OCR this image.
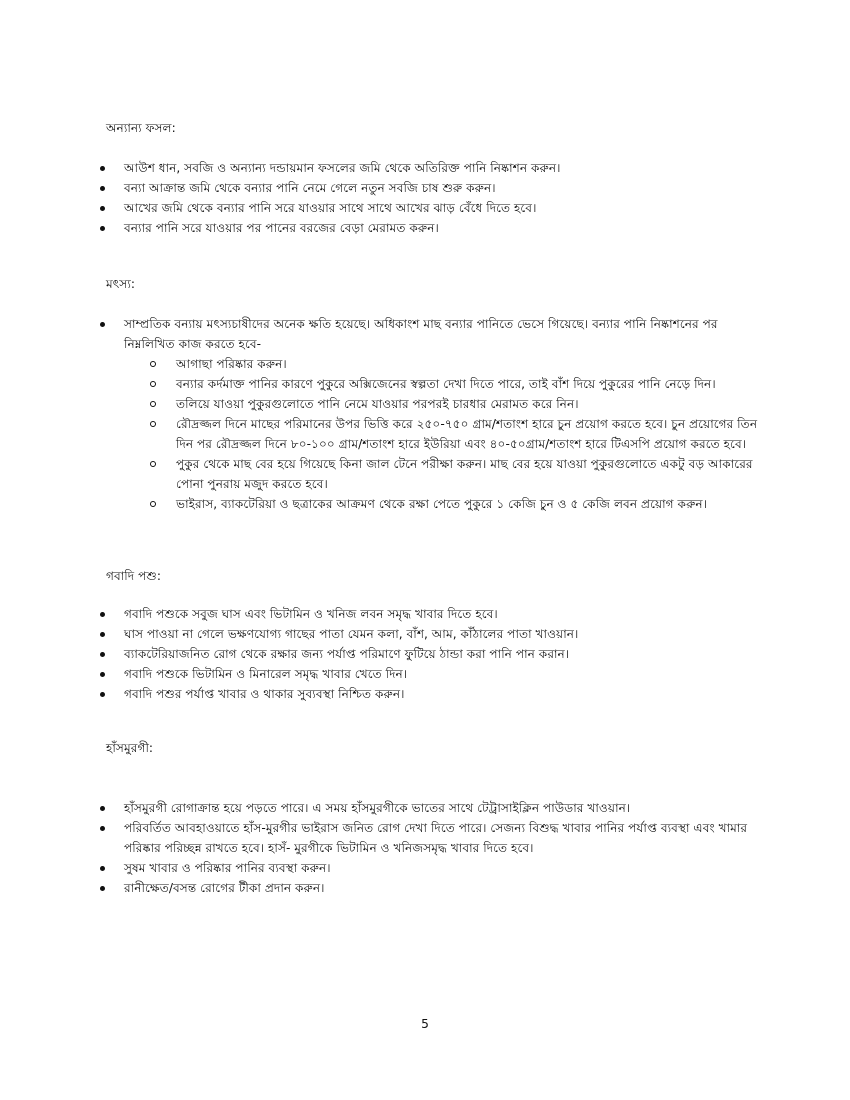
অন্যান্য ফসল:
আউশ ধান, সবজি ও অন্যান্য দন্ডায়মান ফসলের জমি থেকে অতিরিক্ত পানি নিষ্কাশন করুন।
বন্যা আক্রান্ত জমি থেকে বন্যার পানি নেমে গেলে নতুন সবজি চাষ শুরু করুন।
আখের জমি থেকে বন্যার পানি সরে যাওয়ার সাথে সাথে আখের ঝাড় বেঁধে দিতে হবে।
বন্যার পানি সরে যাওয়ার পর পানের বরজের বেড়া মেরামত করুন।
মৎস্য:
সাম্প্রতিক বন্যায় মৎস্যচাষীদের অনেক ক্ষতি হয়েছে। অধিকাংশ মাছ বন্যার পানিতে ভেসে গিয়েছে। বন্যার পানি নিষ্কাশনের পর নিম্নলিখিত কাজ করতে হবে-
আগাছা পরিষ্কার করুন।
বন্যার কর্দমাক্ত পানির কারণে পুকুরে অক্সিজেনের স্বল্পতা দেখা দিতে পারে, তাই বাঁশ দিয়ে পুকুরের পানি নেড়ে দিন।
তলিয়ে যাওয়া পুকুরগুলোতে পানি নেমে যাওয়ার পরপরই চারধার মেরামত করে নিন।
রৌদ্রজ্জল দিনে মাছের পরিমানের উপর ভিত্তি করে ২৫০-৭৫০ গ্রাম/শতাংশ হারে চুন প্রয়োগ করতে হবে। চুন প্রয়োগের তিন দিন পর রৌদ্রজ্জল দিনে ৮০-১০০ গ্রাম/শতাংশ হারে ইউরিয়া এবং ৪০-৫০গ্রাম/শতাংশ হারে টিএসপি প্রয়োগ করতে হবে।
পুকুর থেকে মাছ বের হয়ে গিয়েছে কিনা জাল টেনে পরীক্ষা করুন। মাছ বের হয়ে যাওয়া পুকুরগুলোতে একটু বড় আকারের পোনা পুনরায় মজুদ করতে হবে।
ভাইরাস, ব্যাকটেরিয়া ও ছত্রাকের আক্রমণ থেকে রক্ষা পেতে পুকুরে ১ কেজি চুন ও ৫ কেজি লবন প্রয়োগ করুন।
গবাদি পশু:
গবাদি পশুকে সবুজ ঘাস এবং ভিটামিন ও খনিজ লবন সমৃদ্ধ খাবার দিতে হবে।
ঘাস পাওয়া না গেলে ভক্ষণযোগ্য গাছের পাতা যেমন কলা, বাঁশ, আম, কাঁঠালের পাতা খাওয়ান।
ব্যাকটেরিয়াজনিত রোগ থেকে রক্ষার জন্য পর্যাপ্ত পরিমাণে ফুটিয়ে ঠান্ডা করা পানি পান করান।
গবাদি পশুকে ভিটামিন ও মিনারেল সমৃদ্ধ খাবার খেতে দিন।
গবাদি পশুর পর্যাপ্ত খাবার ও থাকার সুব্যবস্থা নিশ্চিত করুন।
হাঁসমুরগী:
হাঁসমুরগী রোগাক্রান্ত হয়ে পড়তে পারে। এ সময় হাঁসমুরগীকে ভাতের সাথে টেট্রাসাইক্লিন পাউডার খাওয়ান।
পরিবর্তিত আবহাওয়াতে হাঁস-মুরগীর ভাইরাস জনিত রোগ দেখা দিতে পারে। সেজন্য বিশুদ্ধ খাবার পানির পর্যাপ্ত ব্যবস্থা এবং খামার পরিষ্কার পরিচ্ছন্ন রাখতে হবে। হাসঁ- মুরগীকে ভিটামিন ও খনিজসমৃদ্ধ খাবার দিতে হবে।
সুষম খাবার ও পরিষ্কার পানির ব্যবস্থা করুন।
রানীক্ষেত/বসন্ত রোগের টীকা প্রদান করুন।
5
